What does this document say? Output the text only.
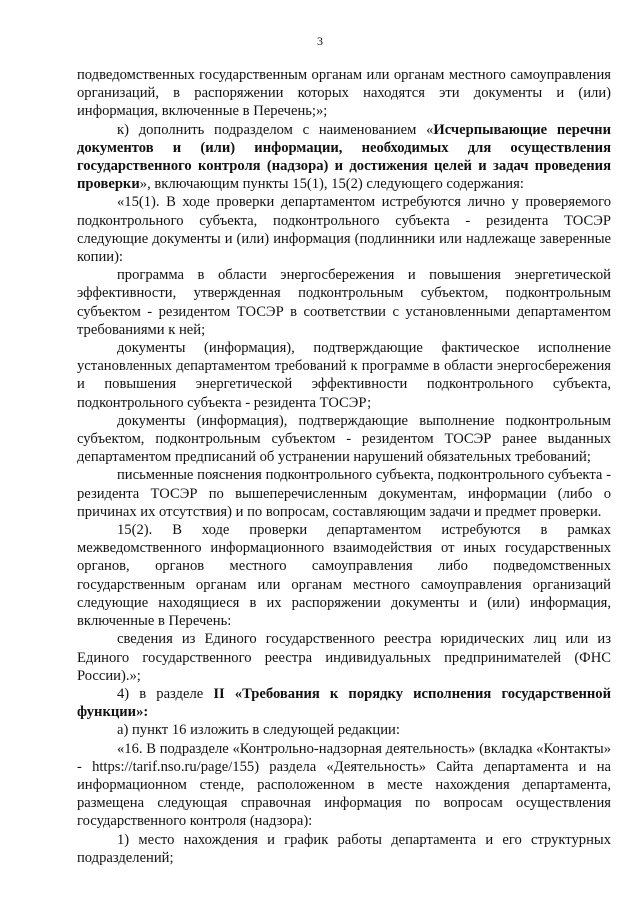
3

подведомственных государственным органам или органам местного самоуправления организаций, в распоряжении которых находятся эти документы и (или) информация, включенные в Перечень;»;

к) дополнить подразделом с наименованием «Исчерпывающие перечни документов и (или) информации, необходимых для осуществления государственного контроля (надзора) и достижения целей и задач проведения проверки», включающим пункты 15(1), 15(2) следующего содержания:

«15(1). В ходе проверки департаментом истребуются лично у проверяемого подконтрольного субъекта, подконтрольного субъекта - резидента ТОСЭР следующие документы и (или) информация (подлинники или надлежаще заверенные копии):

программа в области энергосбережения и повышения энергетической эффективности, утвержденная подконтрольным субъектом, подконтрольным субъектом - резидентом ТОСЭР в соответствии с установленными департаментом требованиями к ней;

документы (информация), подтверждающие фактическое исполнение установленных департаментом требований к программе в области энергосбережения и повышения энергетической эффективности подконтрольного субъекта, подконтрольного субъекта - резидента ТОСЭР;

документы (информация), подтверждающие выполнение подконтрольным субъектом, подконтрольным субъектом - резидентом ТОСЭР ранее выданных департаментом предписаний об устранении нарушений обязательных требований;

письменные пояснения подконтрольного субъекта, подконтрольного субъекта - резидента ТОСЭР по вышеперечисленным документам, информации (либо о причинах их отсутствия) и по вопросам, составляющим задачи и предмет проверки.

15(2). В ходе проверки департаментом истребуются в рамках межведомственного информационного взаимодействия от иных государственных органов, органов местного самоуправления либо подведомственных государственным органам или органам местного самоуправления организаций следующие находящиеся в их распоряжении документы и (или) информация, включенные в Перечень:

сведения из Единого государственного реестра юридических лиц или из Единого государственного реестра индивидуальных предпринимателей (ФНС России).»;

4) в разделе II «Требования к порядку исполнения государственной функции»:

а) пункт 16 изложить в следующей редакции:

«16. В подразделе «Контрольно-надзорная деятельность» (вкладка «Контакты» - https://tarif.nso.ru/page/155) раздела «Деятельность» Сайта департамента и на информационном стенде, расположенном в месте нахождения департамента, размещена следующая справочная информация по вопросам осуществления государственного контроля (надзора):

1) место нахождения и график работы департамента и его структурных подразделений;
